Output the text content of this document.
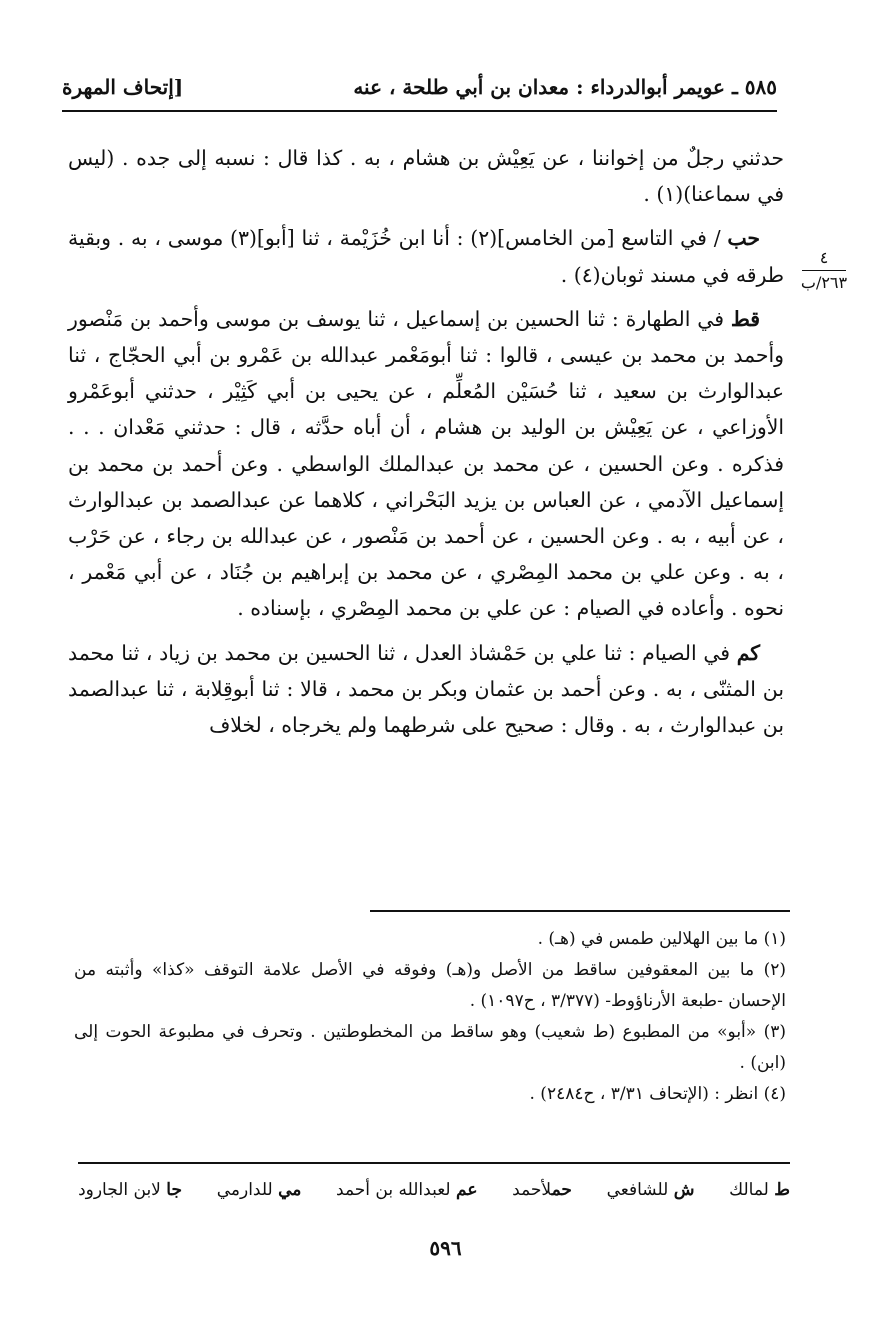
٥٨٥ ـ عويمر أبوالدرداء : معدان بن أبي طلحة ، عنه
[إتحاف المهرة
٤
٢٦٣/ب

حدثني رجلٌ من إخواننا ، عن يَعِيْش بن هشام ، به . كذا قال : نسبه إلى جده . (ليس في سماعنا)(١) .

حب / في التاسع [من الخامس](٢) : أنا ابن خُزَيْمة ، ثنا [أبو](٣) موسى ، به . وبقية طرقه في مسند ثوبان(٤) .

قط في الطهارة : ثنا الحسين بن إسماعيل ، ثنا يوسف بن موسى وأحمد بن مَنْصور وأحمد بن محمد بن عيسى ، قالوا : ثنا أبومَعْمر عبدالله بن عَمْرو بن أبي الحجّاج ، ثنا عبدالوارث بن سعيد ، ثنا حُسَيْن المُعلِّم ، عن يحيى بن أبي كَثِيْر ، حدثني أبوعَمْرو الأوزاعي ، عن يَعِيْش بن الوليد بن هشام ، أن أباه حدَّثه ، قال : حدثني مَعْدان . . . فذكره . وعن الحسين ، عن محمد بن عبدالملك الواسطي . وعن أحمد بن محمد بن إسماعيل الآدمي ، عن العباس بن يزيد البَحْراني ، كلاهما عن عبدالصمد بن عبدالوارث ، عن أبيه ، به . وعن الحسين ، عن أحمد بن مَنْصور ، عن عبدالله بن رجاء ، عن حَرْب ، به . وعن علي بن محمد المِصْري ، عن محمد بن إبراهيم بن جُنَاد ، عن أبي مَعْمر ، نحوه . وأعاده في الصيام : عن علي بن محمد المِصْري ، بإسناده .

كم في الصيام : ثنا علي بن حَمْشاذ العدل ، ثنا الحسين بن محمد بن زياد ، ثنا محمد بن المثنّى ، به . وعن أحمد بن عثمان وبكر بن محمد ، قالا : ثنا أبوقِلابة ، ثنا عبدالصمد بن عبدالوارث ، به . وقال : صحيح على شرطهما ولم يخرجاه ، لخلاف

(١) ما بين الهلالين طمس في (هـ) .

(٢) ما بين المعقوفين ساقط من الأصل و(هـ) وفوقه في الأصل علامة التوقف «كذا» وأثبته من الإحسان -طبعة الأرناؤوط- (٣/٣٧٧ ، ح١٠٩٧) .

(٣) «أبو» من المطبوع (ط شعيب) وهو ساقط من المخطوطتين . وتحرف في مطبوعة الحوت إلى (ابن) .

(٤) انظر : (الإتحاف ٣/٣١ ، ح٢٤٨٤) .

ط لمالك
ش للشافعي
حملأحمد
عم لعبدالله بن أحمد
مي للدارمي
جا لابن الجارود
٥٩٦
